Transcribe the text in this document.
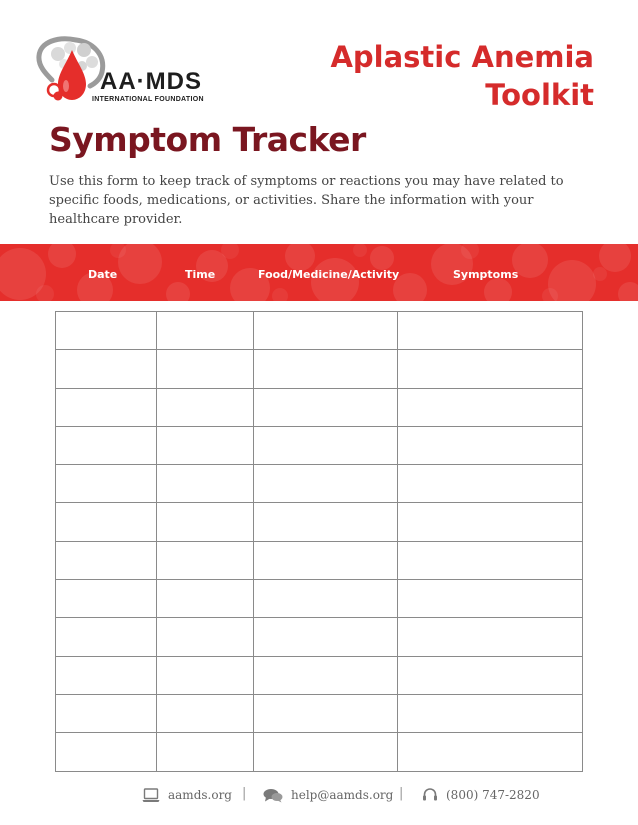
AA·MDS
INTERNATIONAL FOUNDATION
Aplastic Anemia
Toolkit
Symptom Tracker
Use this form to keep track of symptoms or reactions you may have related to specific foods, medications, or activities. Share the information with your healthcare provider.
Date	Time	Food/Medicine/Activity	Symptoms

aamds.org |	help@aamds.org |	(800) 747-2820
